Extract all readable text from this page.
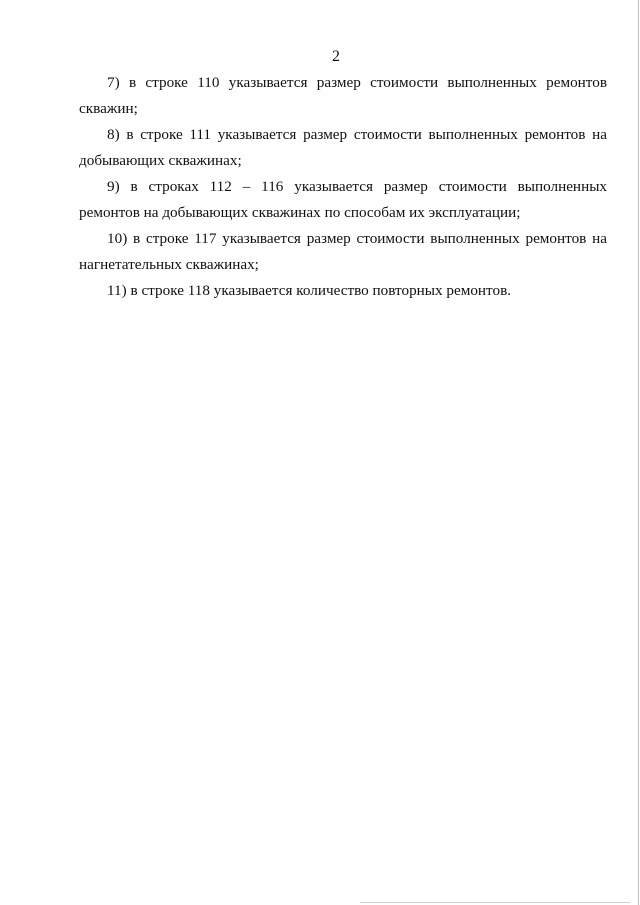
2

7) в строке 110 указывается размер стоимости выполненных ремонтов скважин;

8) в строке 111 указывается размер стоимости выполненных ремонтов на добывающих скважинах;

9) в строках 112 – 116 указывается размер стоимости выполненных ремонтов на добывающих скважинах по способам их эксплуатации;

10) в строке 117 указывается размер стоимости выполненных ремонтов на нагнетательных скважинах;

11) в строке 118 указывается количество повторных ремонтов.
